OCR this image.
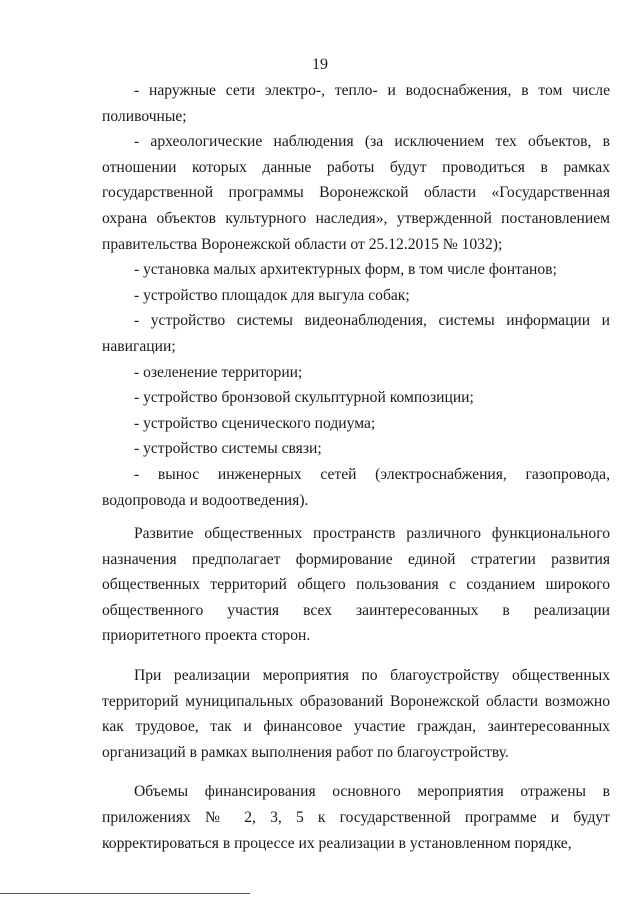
19

- наружные сети электро-, тепло- и водоснабжения, в том числе поливочные;

- археологические наблюдения (за исключением тех объектов, в отношении которых данные работы будут проводиться в рамках государственной программы Воронежской области «Государственная охрана объектов культурного наследия», утвержденной постановлением правительства Воронежской области от 25.12.2015 № 1032);

- установка малых архитектурных форм, в том числе фонтанов;

- устройство площадок для выгула собак;

- устройство системы видеонаблюдения, системы информации и навигации;

- озеленение территории;

- устройство бронзовой скульптурной композиции;

- устройство сценического подиума;

- устройство системы связи;

- вынос инженерных сетей (электроснабжения, газопровода, водопровода и водоотведения).

Развитие общественных пространств различного функционального назначения предполагает формирование единой стратегии развития общественных территорий общего пользования с созданием широкого общественного участия всех заинтересованных в реализации приоритетного проекта сторон.

При реализации мероприятия по благоустройству общественных территорий муниципальных образований Воронежской области возможно как трудовое, так и финансовое участие граждан, заинтересованных организаций в рамках выполнения работ по благоустройству.

Объемы финансирования основного мероприятия отражены в приложениях № 2, 3, 5 к государственной программе и будут корректироваться в процессе их реализации в установленном порядке,
